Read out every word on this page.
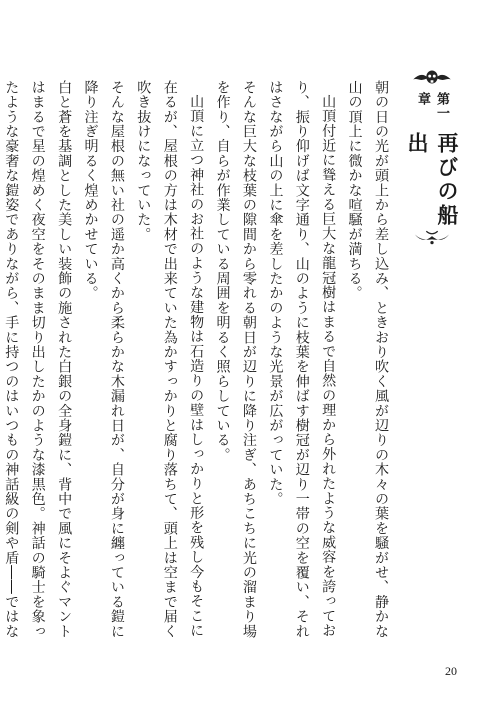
第一章
再びの船出

朝の日の光が頭上から差し込み、ときおり吹く風が辺りの木々の葉を騒がせ、静かな山の頂上に微かな喧騒が満ちる。

山頂付近に聳える巨大な龍冠樹はまるで自然の理から外れたような威容を誇っており、振り仰げば文字通り、山のように枝葉を伸ばす樹冠が辺り一帯の空を覆い、それはさながら山の上に傘を差したかのような光景が広がっていた。

そんな巨大な枝葉の隙間から零れる朝日が辺りに降り注ぎ、あちこちに光の溜まり場を作り、自らが作業している周囲を明るく照らしている。

山頂に立つ神社のお社のような建物は石造りの壁はしっかりと形を残し今もそこに在るが、屋根の方は木材で出来ていた為かすっかりと腐り落ちて、頭上は空まで届く吹き抜けになっていた。

そんな屋根の無い社の遥か高くから柔らかな木漏れ日が、自分が身に纏っている鎧に降り注ぎ明るく煌めかせている。

白と蒼を基調とした美しい装飾の施された白銀の全身鎧に、背中で風にそよぐマントはまるで星の煌めく夜空をそのまま切り出したかのような漆黒色。神話の騎士を象ったような豪奢な鎧姿でありながら、手に持つのはいつもの神話級の剣や盾――ではな

20
